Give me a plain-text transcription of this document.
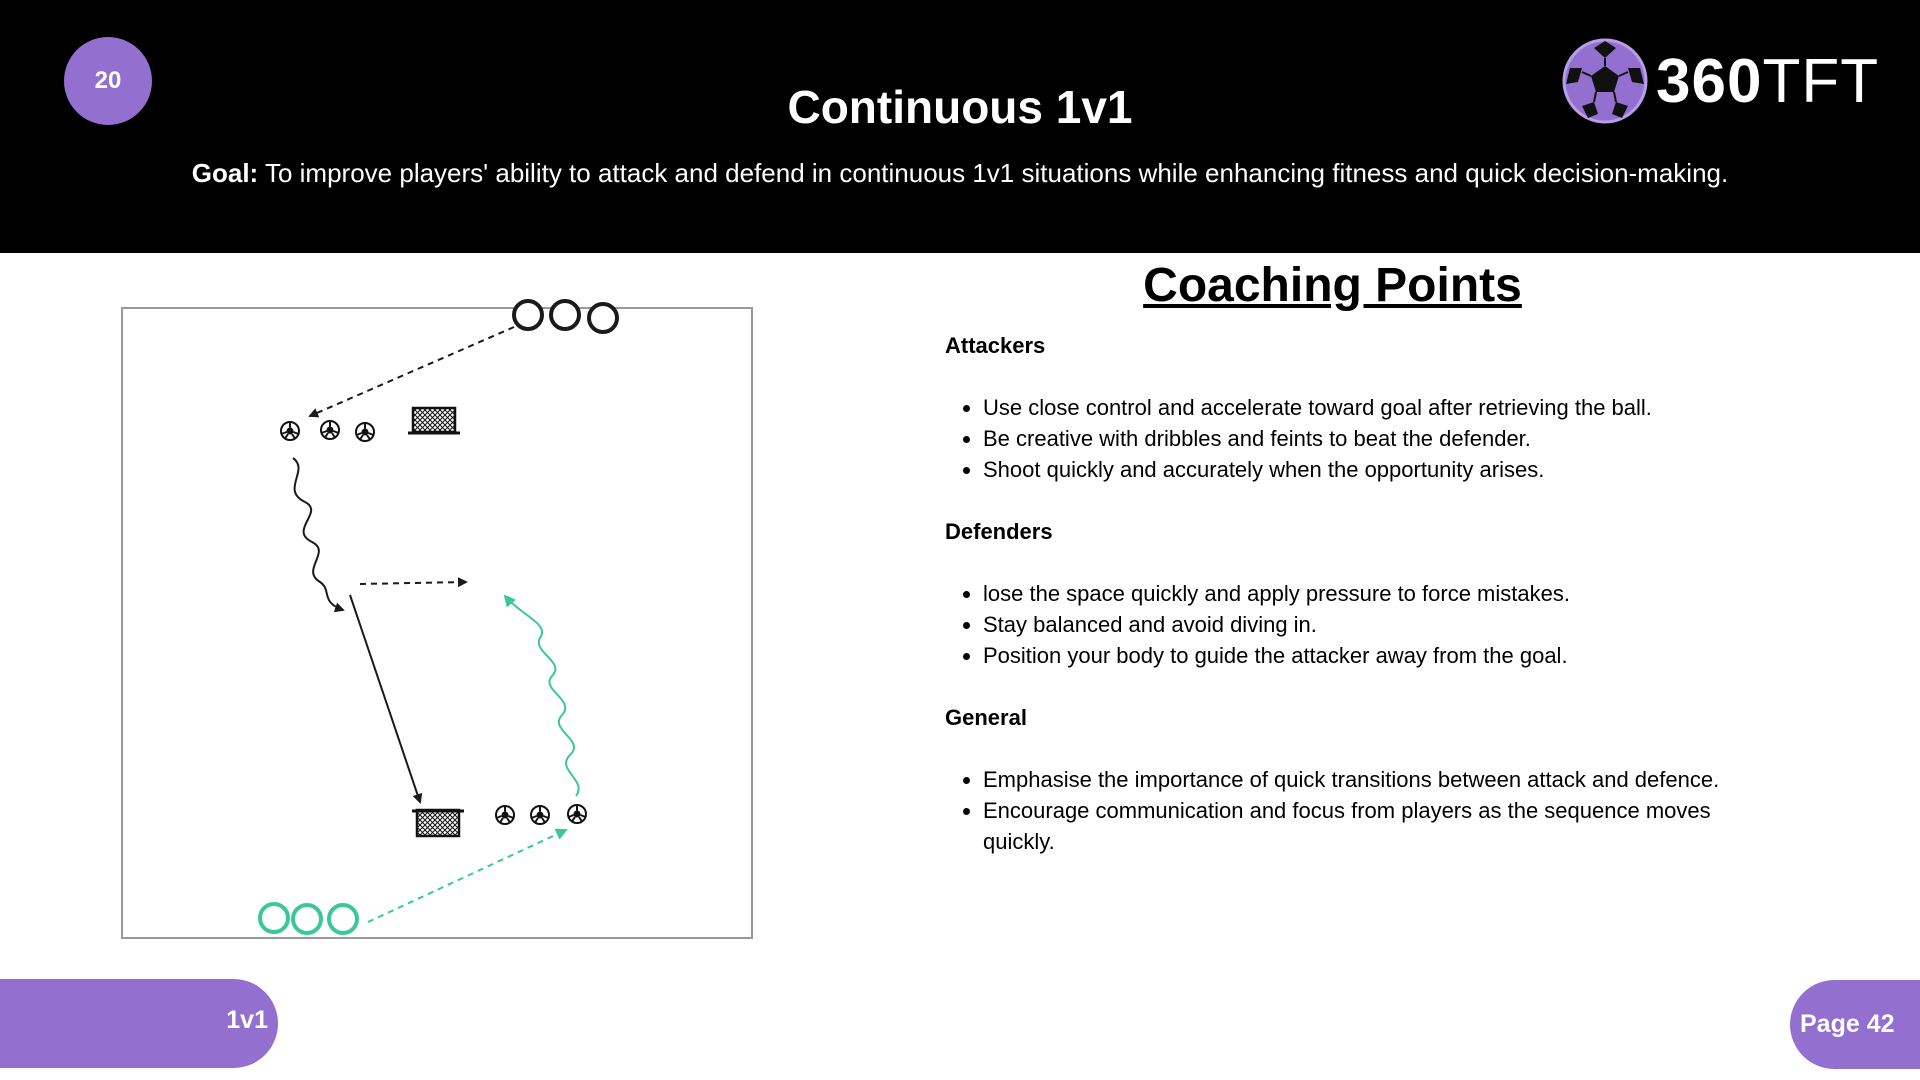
20
Continuous 1v1
Goal: To improve players' ability to attack and defend in continuous 1v1 situations while enhancing fitness and quick decision-making.
360TFT
Coaching Points
Attackers
• Use close control and accelerate toward goal after retrieving the ball.
• Be creative with dribbles and feints to beat the defender.
• Shoot quickly and accurately when the opportunity arises.
Defenders
• lose the space quickly and apply pressure to force mistakes.
• Stay balanced and avoid diving in.
• Position your body to guide the attacker away from the goal.
General
• Emphasise the importance of quick transitions between attack and defence.
• Encourage communication and focus from players as the sequence moves quickly.
1v1	Page 42
